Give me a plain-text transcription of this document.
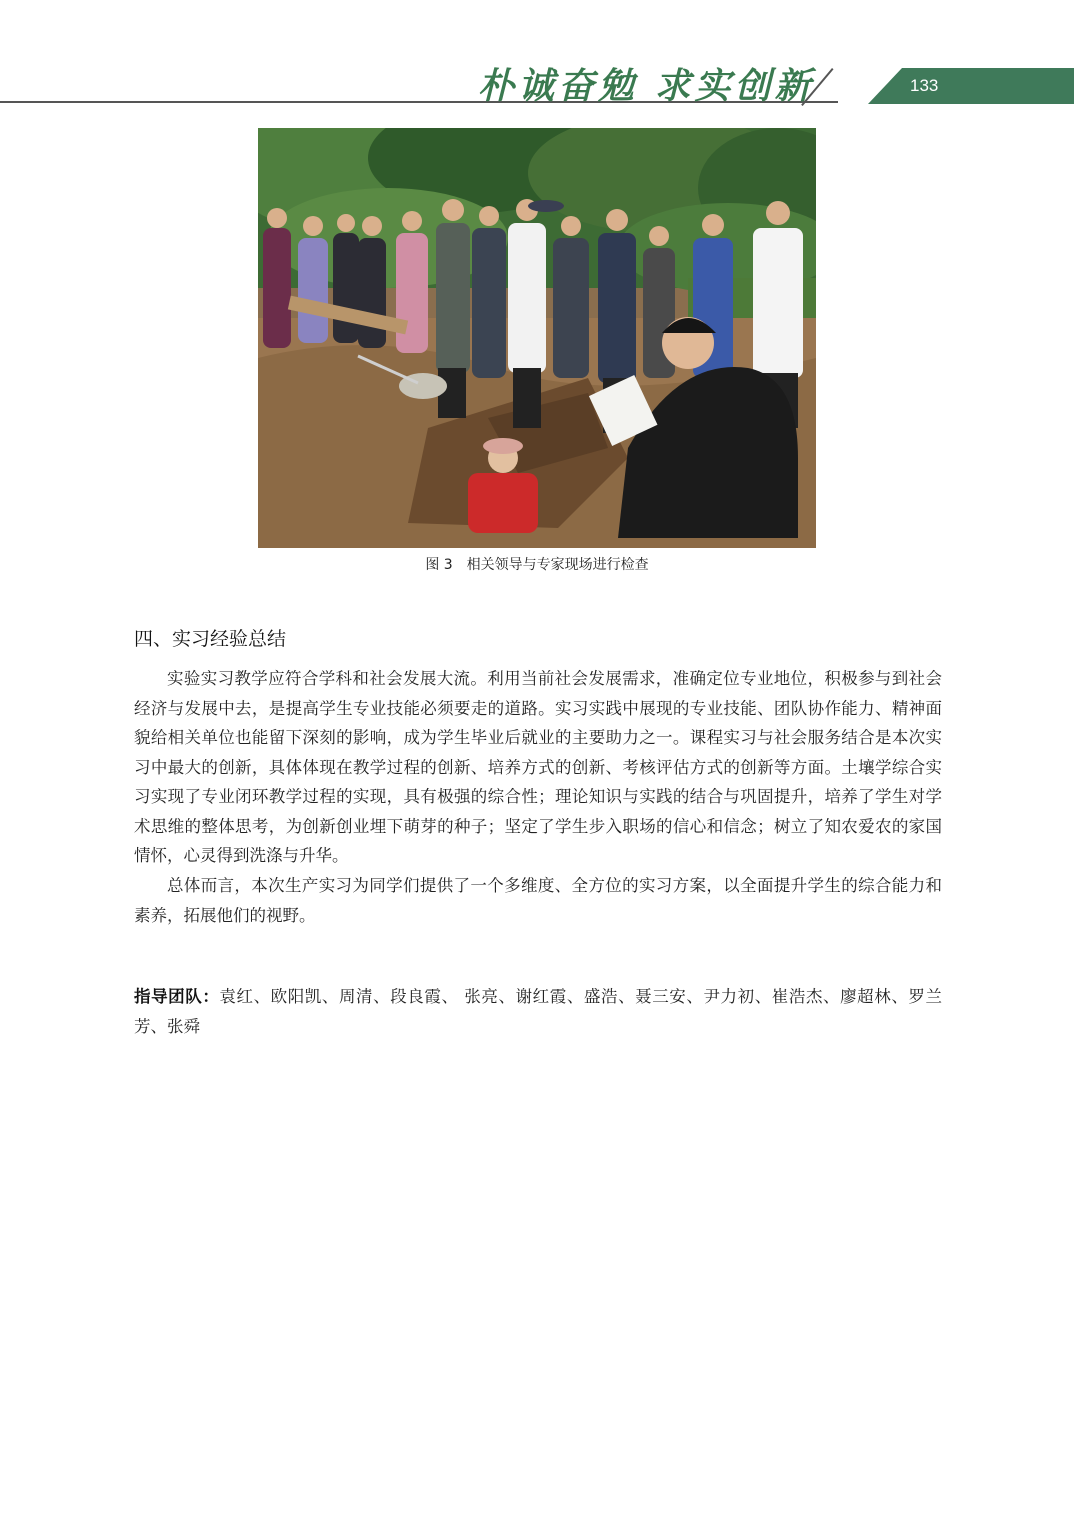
朴诚奋勉 求实创新	133
图 3 相关领导与专家现场进行检查
四、实习经验总结

实验实习教学应符合学科和社会发展大流。利用当前社会发展需求，准确定位专业地位，积极参与到社会经济与发展中去，是提高学生专业技能必须要走的道路。实习实践中展现的专业技能、团队协作能力、精神面貌给相关单位也能留下深刻的影响，成为学生毕业后就业的主要助力之一。课程实习与社会服务结合是本次实习中最大的创新，具体体现在教学过程的创新、培养方式的创新、考核评估方式的创新等方面。土壤学综合实习实现了专业闭环教学过程的实现，具有极强的综合性；理论知识与实践的结合与巩固提升，培养了学生对学术思维的整体思考，为创新创业埋下萌芽的种子；坚定了学生步入职场的信心和信念；树立了知农爱农的家国情怀，心灵得到洗涤与升华。

总体而言，本次生产实习为同学们提供了一个多维度、全方位的实习方案，以全面提升学生的综合能力和素养，拓展他们的视野。

指导团队：袁红、欧阳凯、周清、段良霞、 张亮、谢红霞、盛浩、聂三安、尹力初、崔浩杰、廖超林、罗兰芳、张舜
